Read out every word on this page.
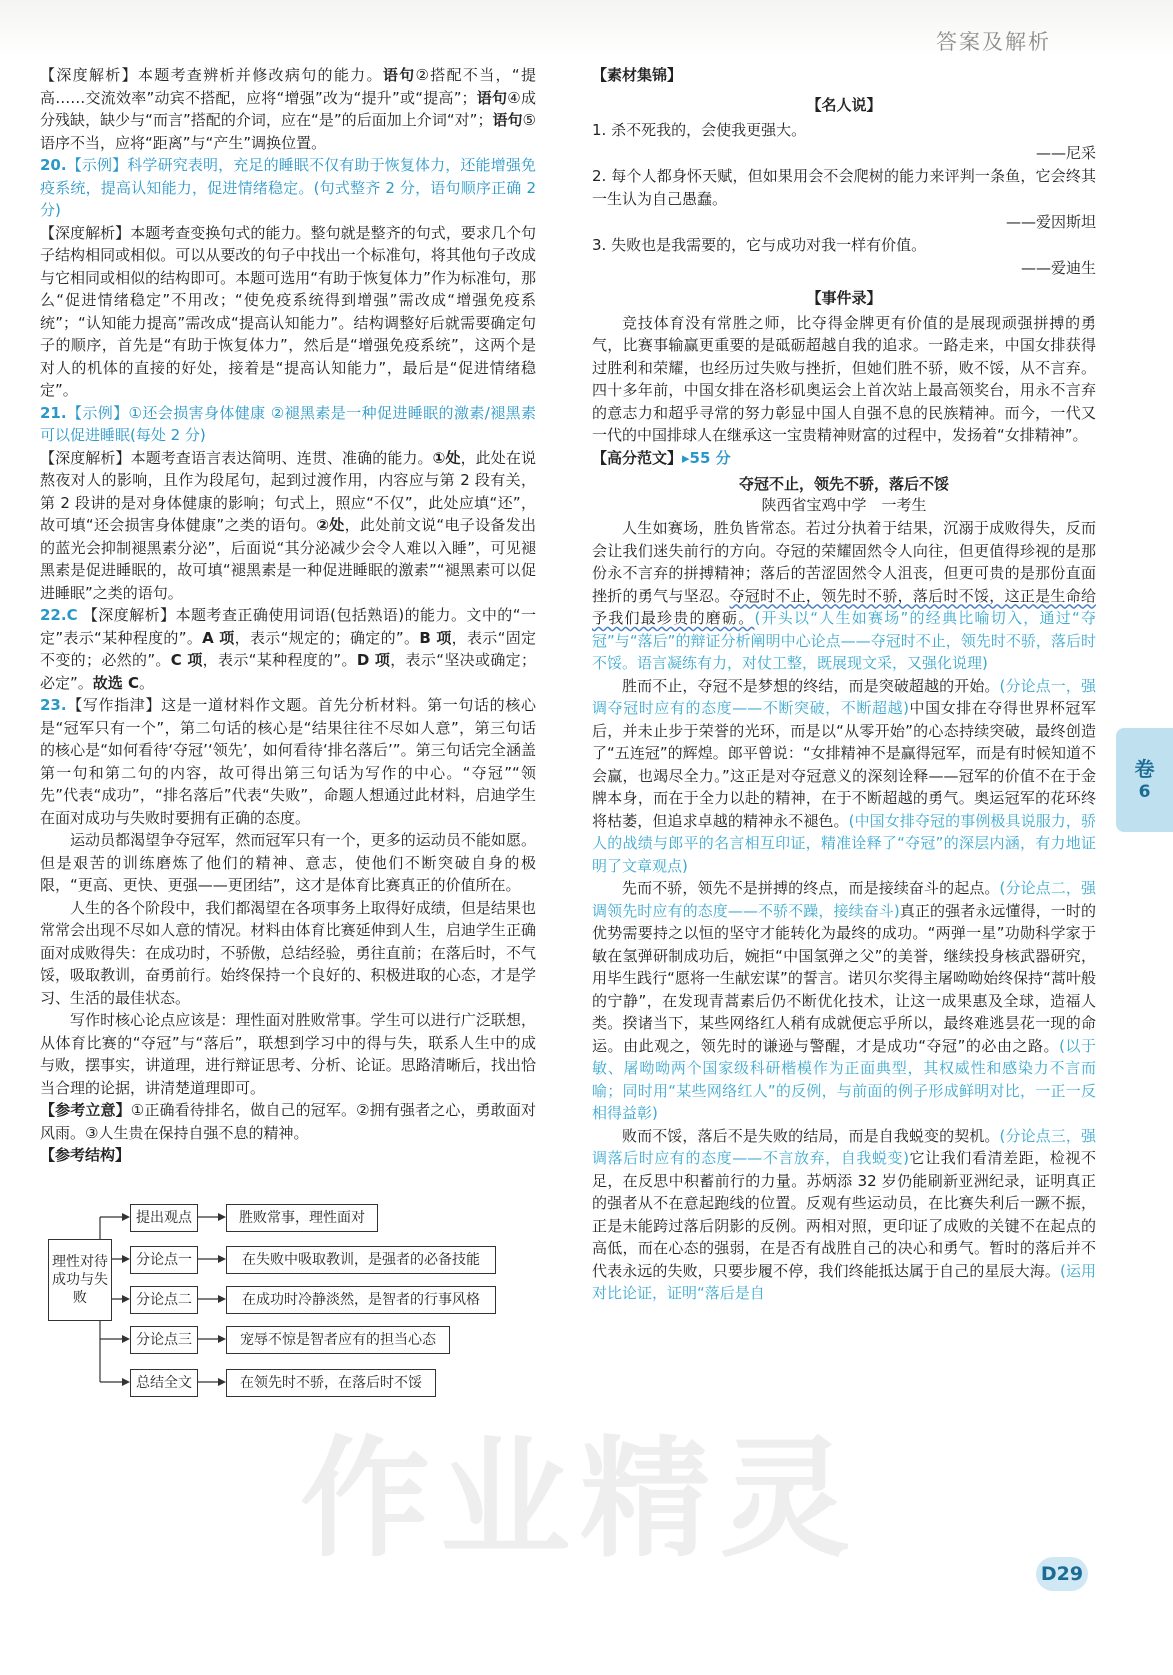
答案及解析

【深度解析】本题考查辨析并修改病句的能力。语句②搭配不当，“提高……交流效率”动宾不搭配，应将“增强”改为“提升”或“提高”；语句④成分残缺，缺少与“而言”搭配的介词，应在“是”的后面加上介词“对”；语句⑤语序不当，应将“距离”与“产生”调换位置。

20.【示例】科学研究表明，充足的睡眠不仅有助于恢复体力，还能增强免疫系统，提高认知能力，促进情绪稳定。(句式整齐 2 分，语句顺序正确 2 分)

【深度解析】本题考查变换句式的能力。整句就是整齐的句式，要求几个句子结构相同或相似。可以从要改的句子中找出一个标准句，将其他句子改成与它相同或相似的结构即可。本题可选用“有助于恢复体力”作为标准句，那么“促进情绪稳定”不用改；“使免疫系统得到增强”需改成“增强免疫系统”；“认知能力提高”需改成“提高认知能力”。结构调整好后就需要确定句子的顺序，首先是“有助于恢复体力”，然后是“增强免疫系统”，这两个是对人的机体的直接的好处，接着是“提高认知能力”，最后是“促进情绪稳定”。

21.【示例】①还会损害身体健康 ②褪黑素是一种促进睡眠的激素/褪黑素可以促进睡眠(每处 2 分)

【深度解析】本题考查语言表达简明、连贯、准确的能力。①处，此处在说熬夜对人的影响，且作为段尾句，起到过渡作用，内容应与第 2 段有关，第 2 段讲的是对身体健康的影响；句式上，照应“不仅”，此处应填“还”，故可填“还会损害身体健康”之类的语句。②处，此处前文说“电子设备发出的蓝光会抑制褪黑素分泌”，后面说“其分泌减少会令人难以入睡”，可见褪黑素是促进睡眠的，故可填“褪黑素是一种促进睡眠的激素”“褪黑素可以促进睡眠”之类的语句。

22.C 【深度解析】本题考查正确使用词语(包括熟语)的能力。文中的“一定”表示“某种程度的”。A 项，表示“规定的；确定的”。B 项，表示“固定不变的；必然的”。C 项，表示“某种程度的”。D 项，表示“坚决或确定；必定”。故选 C。

23.【写作指津】这是一道材料作文题。首先分析材料。第一句话的核心是“冠军只有一个”，第二句话的核心是“结果往往不尽如人意”，第三句话的核心是“如何看待‘夺冠’‘领先’，如何看待‘排名落后’”。第三句话完全涵盖第一句和第二句的内容，故可得出第三句话为写作的中心。“夺冠”“领先”代表“成功”，“排名落后”代表“失败”，命题人想通过此材料，启迪学生在面对成功与失败时要拥有正确的态度。

运动员都渴望争夺冠军，然而冠军只有一个，更多的运动员不能如愿。但是艰苦的训练磨炼了他们的精神、意志，使他们不断突破自身的极限，“更高、更快、更强——更团结”，这才是体育比赛真正的价值所在。

人生的各个阶段中，我们都渴望在各项事务上取得好成绩，但是结果也常常会出现不尽如人意的情况。材料由体育比赛延伸到人生，启迪学生正确面对成败得失：在成功时，不骄傲，总结经验，勇往直前；在落后时，不气馁，吸取教训，奋勇前行。始终保持一个良好的、积极进取的心态，才是学习、生活的最佳状态。

写作时核心论点应该是：理性面对胜败常事。学生可以进行广泛联想，从体育比赛的“夺冠”与“落后”，联想到学习中的得与失，联系人生中的成与败，摆事实，讲道理，进行辩证思考、分析、论证。思路清晰后，找出恰当合理的论据，讲清楚道理即可。

【参考立意】①正确看待排名，做自己的冠军。②拥有强者之心，勇敢面对风雨。③人生贵在保持自强不息的精神。

【参考结构】

理性对待成功与失败
提出观点	胜败常事，理性面对
分论点一	在失败中吸取教训，是强者的必备技能
分论点二	在成功时冷静淡然，是智者的行事风格
分论点三	宠辱不惊是智者应有的担当心态
总结全文	在领先时不骄，在落后时不馁

【素材集锦】

【名人说】
1. 杀不死我的，会使我更强大。
——尼采
2. 每个人都身怀天赋，但如果用会不会爬树的能力来评判一条鱼，它会终其一生认为自己愚蠢。
——爱因斯坦
3. 失败也是我需要的，它与成功对我一样有价值。
——爱迪生
【事件录】

竞技体育没有常胜之师，比夺得金牌更有价值的是展现顽强拼搏的勇气，比赛事输赢更重要的是砥砺超越自我的追求。一路走来，中国女排获得过胜利和荣耀，也经历过失败与挫折，但她们胜不骄，败不馁，从不言弃。四十多年前，中国女排在洛杉矶奥运会上首次站上最高领奖台，用永不言弃的意志力和超乎寻常的努力彰显中国人自强不息的民族精神。而今，一代又一代的中国排球人在继承这一宝贵精神财富的过程中，发扬着“女排精神”。

【高分范文】▸55 分

夺冠不止，领先不骄，落后不馁
陕西省宝鸡中学　一考生

人生如赛场，胜负皆常态。若过分执着于结果，沉溺于成败得失，反而会让我们迷失前行的方向。夺冠的荣耀固然令人向往，但更值得珍视的是那份永不言弃的拼搏精神；落后的苦涩固然令人沮丧，但更可贵的是那份直面挫折的勇气与坚忍。夺冠时不止，领先时不骄，落后时不馁，这正是生命给予我们最珍贵的磨砺。(开头以“人生如赛场”的经典比喻切入，通过“夺冠”与“落后”的辩证分析阐明中心论点——夺冠时不止，领先时不骄，落后时不馁。语言凝练有力，对仗工整，既展现文采，又强化说理)

胜而不止，夺冠不是梦想的终结，而是突破超越的开始。(分论点一，强调夺冠时应有的态度——不断突破，不断超越)中国女排在夺得世界杯冠军后，并未止步于荣誉的光环，而是以“从零开始”的心态持续突破，最终创造了“五连冠”的辉煌。郎平曾说：“女排精神不是赢得冠军，而是有时候知道不会赢，也竭尽全力。”这正是对夺冠意义的深刻诠释——冠军的价值不在于金牌本身，而在于全力以赴的精神，在于不断超越的勇气。奥运冠军的花环终将枯萎，但追求卓越的精神永不褪色。(中国女排夺冠的事例极具说服力，骄人的战绩与郎平的名言相互印证，精准诠释了“夺冠”的深层内涵，有力地证明了文章观点)

先而不骄，领先不是拼搏的终点，而是接续奋斗的起点。(分论点二，强调领先时应有的态度——不骄不躁，接续奋斗)真正的强者永远懂得，一时的优势需要持之以恒的坚守才能转化为最终的成功。“两弹一星”功勋科学家于敏在氢弹研制成功后，婉拒“中国氢弹之父”的美誉，继续投身核武器研究，用毕生践行“愿将一生献宏谋”的誓言。诺贝尔奖得主屠呦呦始终保持“蒿叶般的宁静”，在发现青蒿素后仍不断优化技术，让这一成果惠及全球，造福人类。揆诸当下，某些网络红人稍有成就便忘乎所以，最终难逃昙花一现的命运。由此观之，领先时的谦逊与警醒，才是成功“夺冠”的必由之路。(以于敏、屠呦呦两个国家级科研楷模作为正面典型，其权威性和感染力不言而喻；同时用“某些网络红人”的反例，与前面的例子形成鲜明对比，一正一反相得益彰)

败而不馁，落后不是失败的结局，而是自我蜕变的契机。(分论点三，强调落后时应有的态度——不言放弃，自我蜕变)它让我们看清差距，检视不足，在反思中积蓄前行的力量。苏炳添 32 岁仍能刷新亚洲纪录，证明真正的强者从不在意起跑线的位置。反观有些运动员，在比赛失利后一蹶不振，正是未能跨过落后阴影的反例。两相对照，更印证了成败的关键不在起点的高低，而在心态的强弱，在是否有战胜自己的决心和勇气。暂时的落后并不代表永远的失败，只要步履不停，我们终能抵达属于自己的星辰大海。(运用对比论证，证明“落后是自

卷
6
D29
作业精灵
